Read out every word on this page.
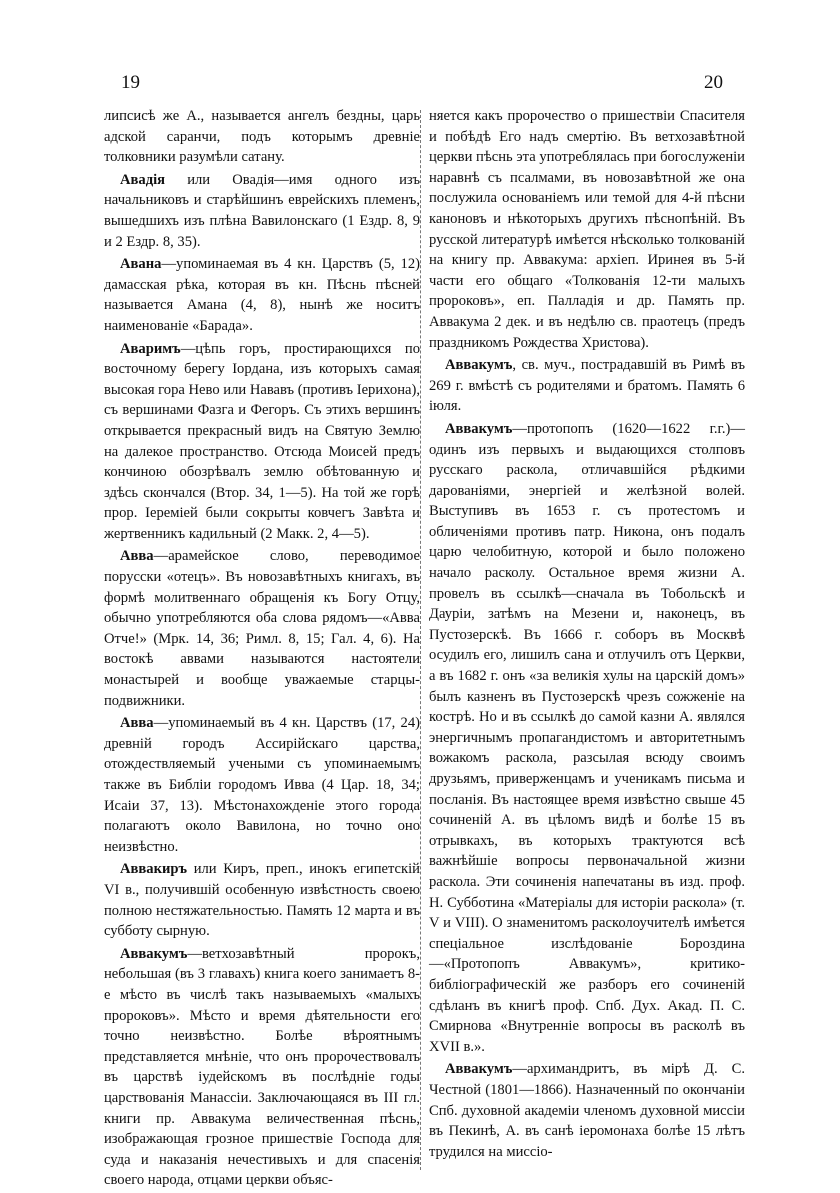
19	20

липсисѣ же А., называется ангелъ бездны, царь адской саранчи, подъ которымъ древніе толковники разумѣли сатану.

Авадія или Овадія—имя одного изъ начальниковъ и старѣйшинъ еврейскихъ племенъ, вышедшихъ изъ плѣна Вавилонскаго (1 Ездр. 8, 9 и 2 Ездр. 8, 35).

Авана—упоминаемая въ 4 кн. Царствъ (5, 12) дамасская рѣка, которая въ кн. Пѣснь пѣсней называется Амана (4, 8), нынѣ же носитъ наименованіе «Барада».

Аваримъ—цѣпь горъ, простирающихся по восточному берегу Іордана, изъ которыхъ самая высокая гора Нево или Нававъ (противъ Іерихона), съ вершинами Фазга и Фегоръ. Съ этихъ вершинъ открывается прекрасный видъ на Святую Землю на далекое пространство. Отсюда Моисей предъ кончиною обозрѣвалъ землю обѣтованную и здѣсь скончался (Втор. 34, 1—5). На той же горѣ прор. Іереміей были сокрыты ковчегъ Завѣта и жертвенникъ кадильный (2 Макк. 2, 4—5).

Авва—арамейское слово, переводимое порусски «отецъ». Въ новозавѣтныхъ книгахъ, въ формѣ молитвеннаго обращенія къ Богу Отцу, обычно употребляются оба слова рядомъ—«Авва Отче!» (Мрк. 14, 36; Римл. 8, 15; Гал. 4, 6). На востокѣ аввами называются настоятели монастырей и вообще уважаемые старцы-подвижники.

Авва—упоминаемый въ 4 кн. Царствъ (17, 24) древній городъ Ассирійскаго царства, отождествляемый учеными съ упоминаемымъ также въ Библіи городомъ Ивва (4 Цар. 18, 34; Исаіи 37, 13). Мѣстонахожденіе этого города полагаютъ около Вавилона, но точно оно неизвѣстно.

Аввакиръ или Киръ, преп., инокъ египетскій VI в., получившій особенную извѣстность своею полною нестяжательностью. Память 12 марта и въ субботу сырную.

Аввакумъ—ветхозавѣтный пророкъ, небольшая (въ 3 главахъ) книга коего занимаетъ 8-е мѣсто въ числѣ такъ называемыхъ «малыхъ пророковъ». Мѣсто и время дѣятельности его точно неизвѣстно. Болѣе вѣроятнымъ представляется мнѣніе, что онъ пророчествовалъ въ царствѣ іудейскомъ въ послѣдніе годы царствованія Манассіи. Заключающаяся въ III гл. книги пр. Аввакума величественная пѣснь, изображающая грозное пришествіе Господа для суда и наказанія нечестивыхъ и для спасенія своего народа, отцами церкви объяс-

няется какъ пророчество о пришествіи Спасителя и побѣдѣ Его надъ смертію. Въ ветхозавѣтной церкви пѣснь эта употреблялась при богослуженіи наравнѣ съ псалмами, въ новозавѣтной же она послужила основаніемъ или темой для 4-й пѣсни каноновъ и нѣкоторыхъ другихъ пѣснопѣній. Въ русской литературѣ имѣется нѣсколько толкованій на книгу пр. Аввакума: архіеп. Иринея въ 5-й части его общаго «Толкованія 12-ти малыхъ пророковъ», еп. Палладія и др. Память пр. Аввакума 2 дек. и въ недѣлю св. праотецъ (предъ праздникомъ Рождества Христова).

Аввакумъ, св. муч., пострадавшій въ Римѣ въ 269 г. вмѣстѣ съ родителями и братомъ. Память 6 іюля.

Аввакумъ—протопопъ (1620—1622 г.г.)—одинъ изъ первыхъ и выдающихся столповъ русскаго раскола, отличавшійся рѣдкими дарованіями, энергіей и желѣзной волей. Выступивъ въ 1653 г. съ протестомъ и обличеніями противъ патр. Никона, онъ подалъ царю челобитную, которой и было положено начало расколу. Остальное время жизни А. провелъ въ ссылкѣ—сначала въ Тобольскѣ и Дауріи, затѣмъ на Мезени и, наконецъ, въ Пустозерскѣ. Въ 1666 г. соборъ въ Москвѣ осудилъ его, лишилъ сана и отлучилъ отъ Церкви, а въ 1682 г. онъ «за великія хулы на царскій домъ» былъ казненъ въ Пустозерскѣ чрезъ сожженіе на кострѣ. Но и въ ссылкѣ до самой казни А. являлся энергичнымъ пропагандистомъ и авторитетнымъ вожакомъ раскола, разсылая всюду своимъ друзьямъ, приверженцамъ и ученикамъ письма и посланія. Въ настоящее время извѣстно свыше 45 сочиненій А. въ цѣломъ видѣ и болѣе 15 въ отрывкахъ, въ которыхъ трактуются всѣ важнѣйшіе вопросы первоначальной жизни раскола. Эти сочиненія напечатаны въ изд. проф. Н. Субботина «Матеріалы для исторіи раскола» (т. V и VIII). О знаменитомъ расколоучителѣ имѣется спеціальное изслѣдованіе Бороздина—«Протопопъ Аввакумъ», критико-библіографическій же разборъ его сочиненій сдѣланъ въ книгѣ проф. Спб. Дух. Акад. П. С. Смирнова «Внутренніе вопросы въ расколѣ въ XVII в.».

Аввакумъ—архимандритъ, въ мірѣ Д. С. Честной (1801—1866). Назначенный по окончаніи Спб. духовной академіи членомъ духовной миссіи въ Пекинѣ, А. въ санѣ іеромонаха болѣе 15 лѣтъ трудился на миссіо-
